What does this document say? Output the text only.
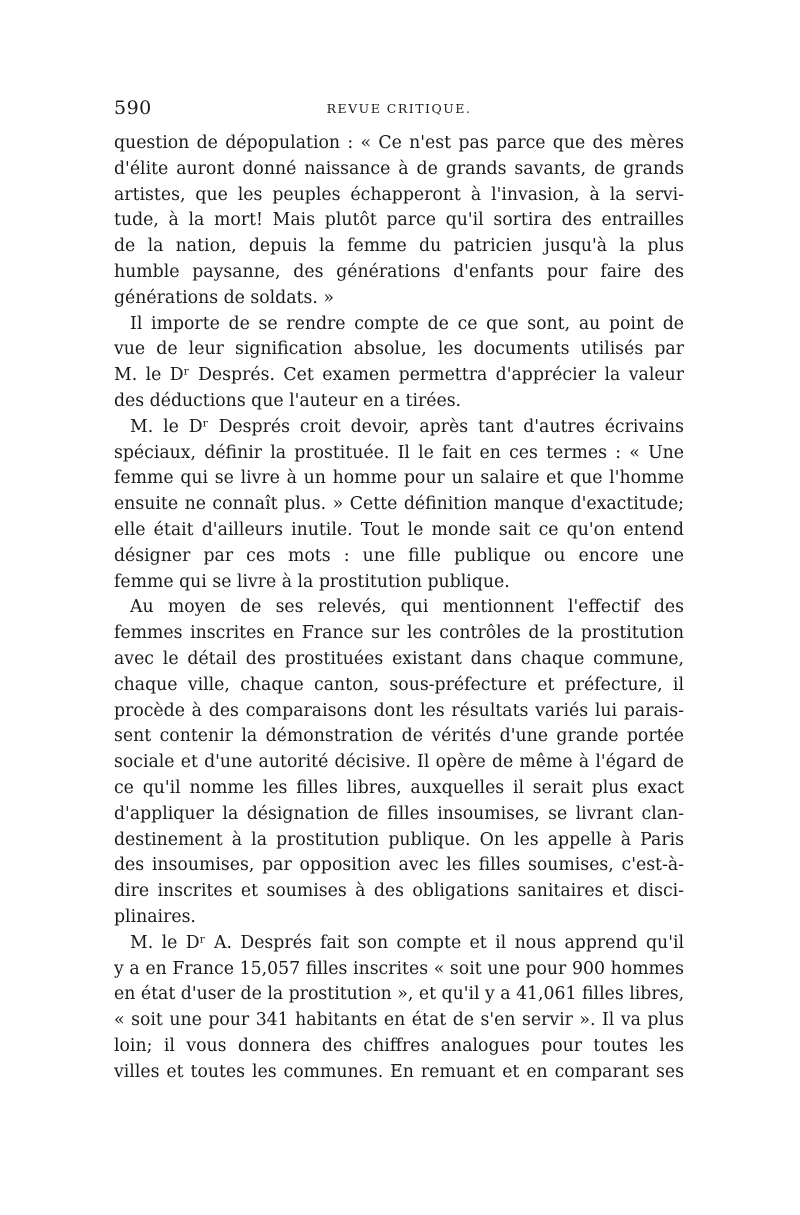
590	REVUE CRITIQUE.
question de dépopulation : « Ce n'est pas parce que des mères
d'élite auront donné naissance à de grands savants, de grands
artistes, que les peuples échapperont à l'invasion, à la servi-
tude, à la mort! Mais plutôt parce qu'il sortira des entrailles
de la nation, depuis la femme du patricien jusqu'à la plus
humble paysanne, des générations d'enfants pour faire des
générations de soldats. »
Il importe de se rendre compte de ce que sont, au point de
vue de leur signification absolue, les documents utilisés par
M. le Dʳ Després. Cet examen permettra d'apprécier la valeur
des déductions que l'auteur en a tirées.
M. le Dʳ Després croit devoir, après tant d'autres écrivains
spéciaux, définir la prostituée. Il le fait en ces termes : « Une
femme qui se livre à un homme pour un salaire et que l'homme
ensuite ne connaît plus. » Cette définition manque d'exactitude;
elle était d'ailleurs inutile. Tout le monde sait ce qu'on entend
désigner par ces mots : une fille publique ou encore une
femme qui se livre à la prostitution publique.
Au moyen de ses relevés, qui mentionnent l'effectif des
femmes inscrites en France sur les contrôles de la prostitution
avec le détail des prostituées existant dans chaque commune,
chaque ville, chaque canton, sous-préfecture et préfecture, il
procède à des comparaisons dont les résultats variés lui parais-
sent contenir la démonstration de vérités d'une grande portée
sociale et d'une autorité décisive. Il opère de même à l'égard de
ce qu'il nomme les filles libres, auxquelles il serait plus exact
d'appliquer la désignation de filles insoumises, se livrant clan-
destinement à la prostitution publique. On les appelle à Paris
des insoumises, par opposition avec les filles soumises, c'est-à-
dire inscrites et soumises à des obligations sanitaires et disci-
plinaires.
M. le Dʳ A. Després fait son compte et il nous apprend qu'il
y a en France 15,057 filles inscrites « soit une pour 900 hommes
en état d'user de la prostitution », et qu'il y a 41,061 filles libres,
« soit une pour 341 habitants en état de s'en servir ». Il va plus
loin; il vous donnera des chiffres analogues pour toutes les
villes et toutes les communes. En remuant et en comparant ses
